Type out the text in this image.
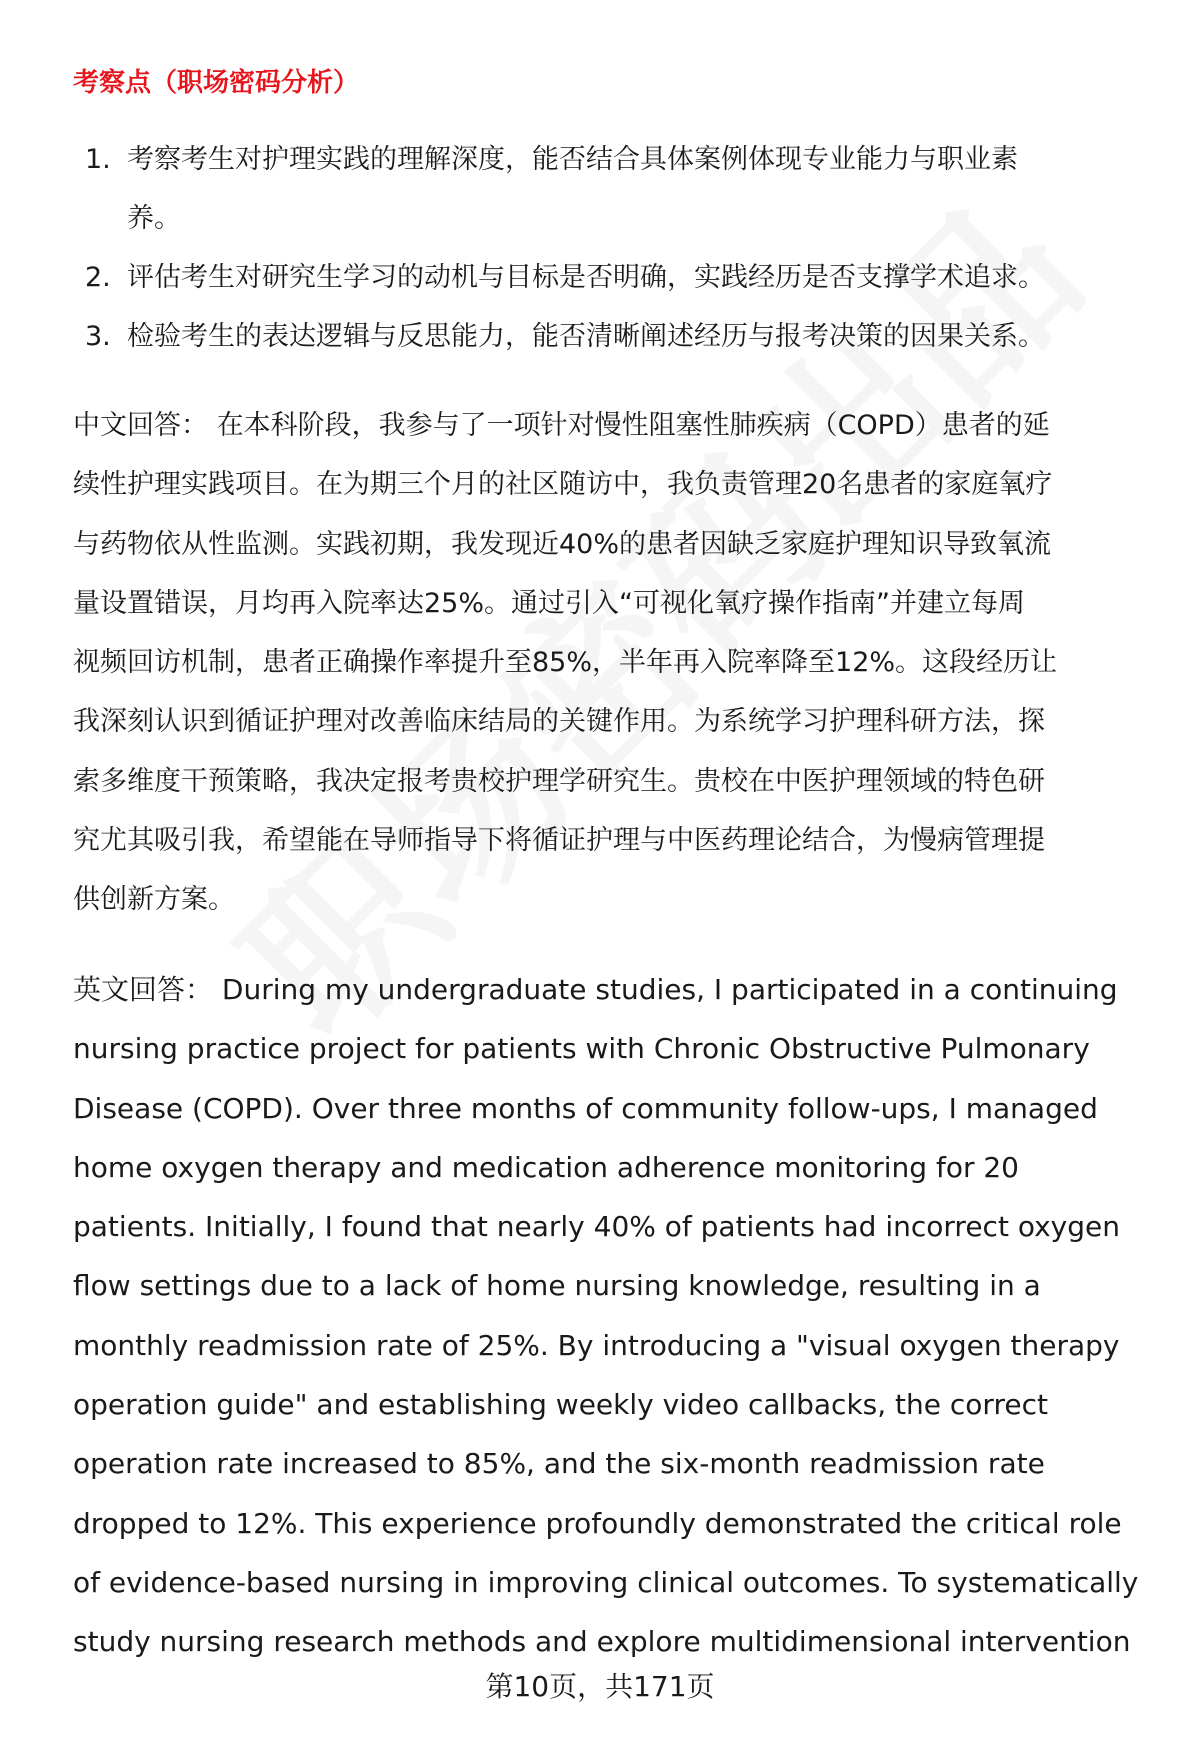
考察点（职场密码分析）
1. 考察考生对护理实践的理解深度，能否结合具体案例体现专业能力与职业素
养。
2. 评估考生对研究生学习的动机与目标是否明确，实践经历是否支撑学术追求。
3. 检验考生的表达逻辑与反思能力，能否清晰阐述经历与报考决策的因果关系。
中文回答： 在本科阶段，我参与了一项针对慢性阻塞性肺疾病（COPD）患者的延
续性护理实践项目。在为期三个月的社区随访中，我负责管理20名患者的家庭氧疗
与药物依从性监测。实践初期，我发现近40%的患者因缺乏家庭护理知识导致氧流
量设置错误，月均再入院率达25%。通过引入“可视化氧疗操作指南”并建立每周
视频回访机制，患者正确操作率提升至85%，半年再入院率降至12%。这段经历让
我深刻认识到循证护理对改善临床结局的关键作用。为系统学习护理科研方法，探
索多维度干预策略，我决定报考贵校护理学研究生。贵校在中医护理领域的特色研
究尤其吸引我，希望能在导师指导下将循证护理与中医药理论结合，为慢病管理提
供创新方案。
英文回答： During my undergraduate studies, I participated in a continuing
nursing practice project for patients with Chronic Obstructive Pulmonary
Disease (COPD). Over three months of community follow-ups, I managed
home oxygen therapy and medication adherence monitoring for 20
patients. Initially, I found that nearly 40% of patients had incorrect oxygen
flow settings due to a lack of home nursing knowledge, resulting in a
monthly readmission rate of 25%. By introducing a "visual oxygen therapy
operation guide" and establishing weekly video callbacks, the correct
operation rate increased to 85%, and the six-month readmission rate
dropped to 12%. This experience profoundly demonstrated the critical role
of evidence-based nursing in improving clinical outcomes. To systematically
study nursing research methods and explore multidimensional intervention
第10页，共171页
